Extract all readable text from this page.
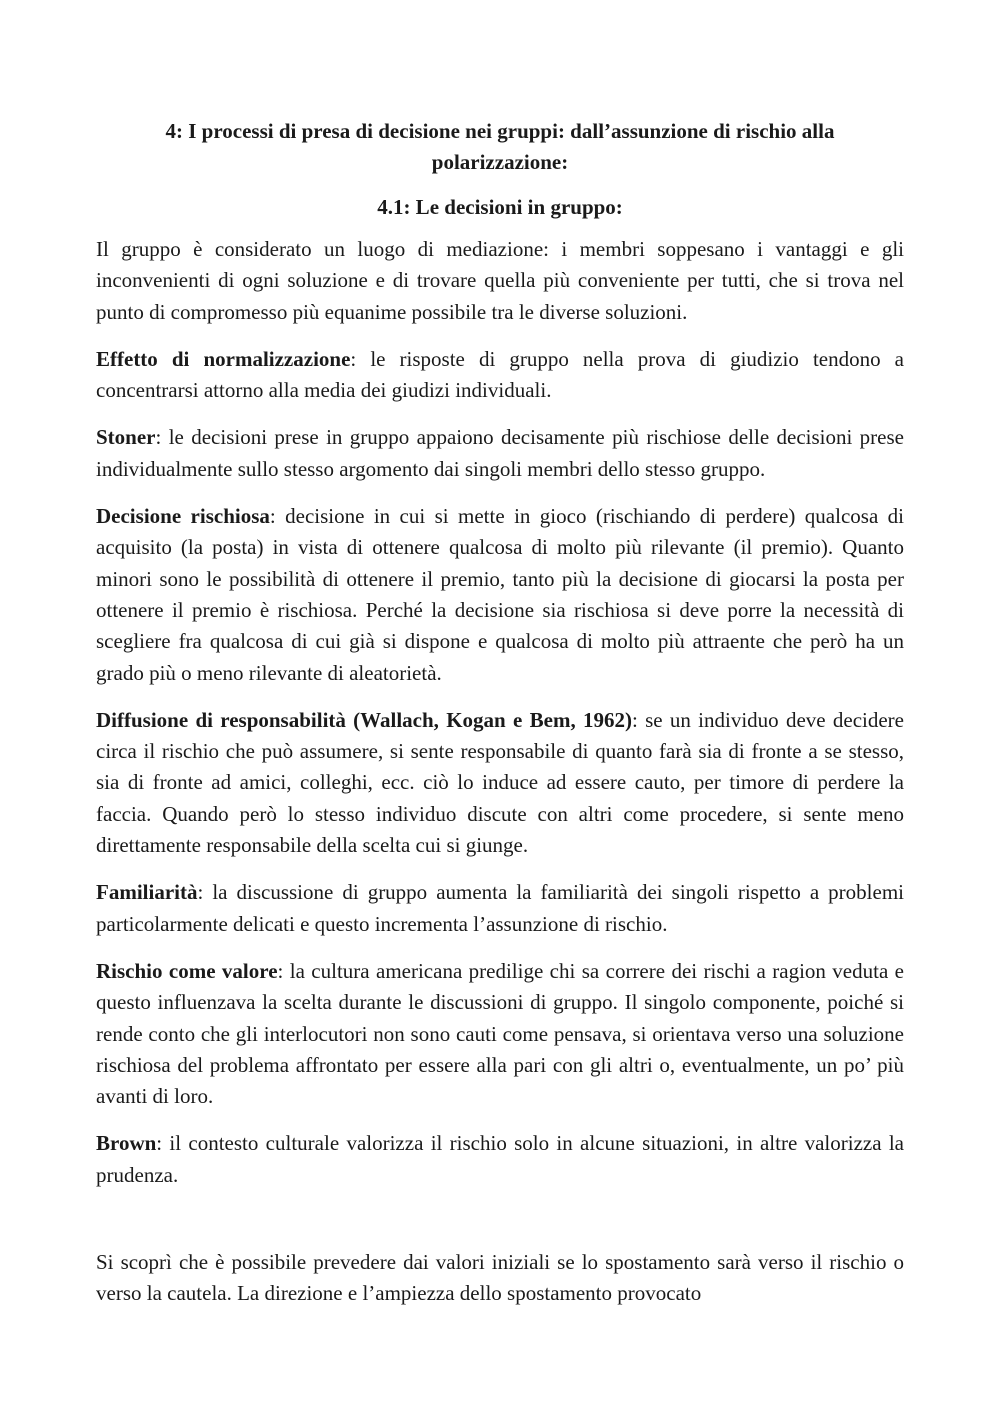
4: I processi di presa di decisione nei gruppi: dall’assunzione di rischio alla polarizzazione:
4.1: Le decisioni in gruppo:

Il gruppo è considerato un luogo di mediazione: i membri soppesano i vantaggi e gli inconvenienti di ogni soluzione e di trovare quella più conveniente per tutti, che si trova nel punto di compromesso più equanime possibile tra le diverse soluzioni.

Effetto di normalizzazione: le risposte di gruppo nella prova di giudizio tendono a concentrarsi attorno alla media dei giudizi individuali.

Stoner: le decisioni prese in gruppo appaiono decisamente più rischiose delle decisioni prese individualmente sullo stesso argomento dai singoli membri dello stesso gruppo.

Decisione rischiosa: decisione in cui si mette in gioco (rischiando di perdere) qualcosa di acquisito (la posta) in vista di ottenere qualcosa di molto più rilevante (il premio). Quanto minori sono le possibilità di ottenere il premio, tanto più la decisione di giocarsi la posta per ottenere il premio è rischiosa. Perché la decisione sia rischiosa si deve porre la necessità di scegliere fra qualcosa di cui già si dispone e qualcosa di molto più attraente che però ha un grado più o meno rilevante di aleatorietà.

Diffusione di responsabilità (Wallach, Kogan e Bem, 1962): se un individuo deve decidere circa il rischio che può assumere, si sente responsabile di quanto farà sia di fronte a se stesso, sia di fronte ad amici, colleghi, ecc. ciò lo induce ad essere cauto, per timore di perdere la faccia. Quando però lo stesso individuo discute con altri come procedere, si sente meno direttamente responsabile della scelta cui si giunge.

Familiarità: la discussione di gruppo aumenta la familiarità dei singoli rispetto a problemi particolarmente delicati e questo incrementa l’assunzione di rischio.

Rischio come valore: la cultura americana predilige chi sa correre dei rischi a ragion veduta e questo influenzava la scelta durante le discussioni di gruppo. Il singolo componente, poiché si rende conto che gli interlocutori non sono cauti come pensava, si orientava verso una soluzione rischiosa del problema affrontato per essere alla pari con gli altri o, eventualmente, un po’ più avanti di loro.

Brown: il contesto culturale valorizza il rischio solo in alcune situazioni, in altre valorizza la prudenza.

Si scoprì che è possibile prevedere dai valori iniziali se lo spostamento sarà verso il rischio o verso la cautela. La direzione e l’ampiezza dello spostamento provocato
